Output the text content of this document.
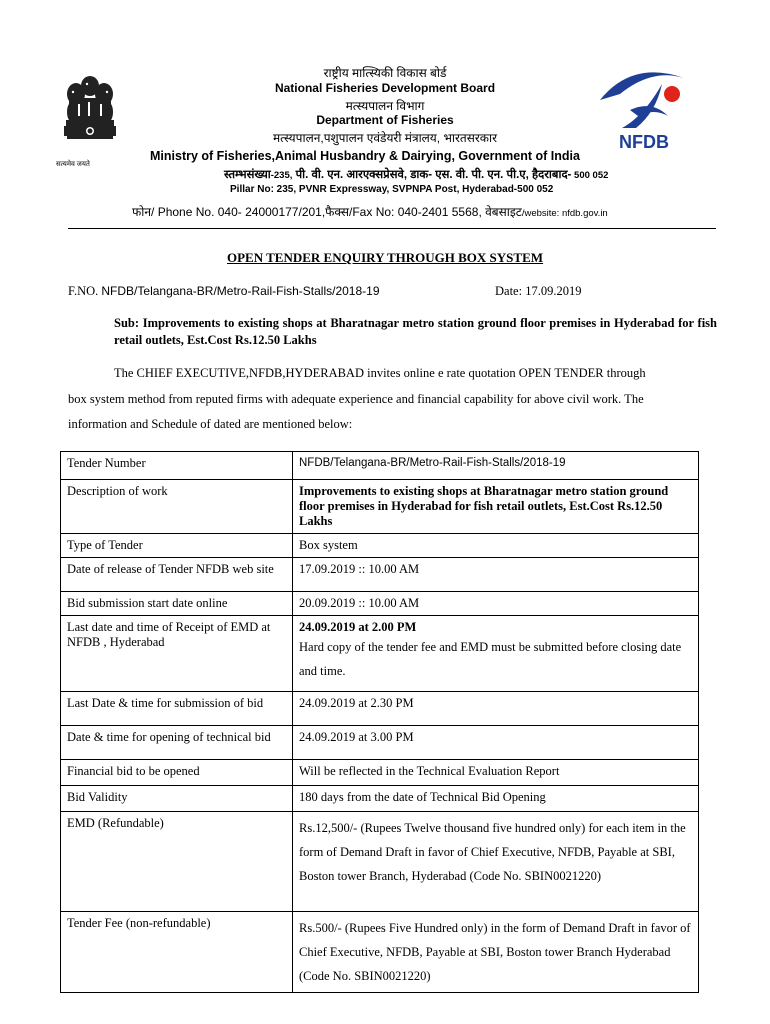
सत्यमेव जयते
NFDB
राष्ट्रीय मात्स्यिकी विकास बोर्ड
National Fisheries Development Board
मत्स्यपालन विभाग
Department of Fisheries
मत्स्यपालन,पशुपालन एवंडेयरी मंत्रालय, भारतसरकार
Ministry of Fisheries,Animal Husbandry & Dairying, Government of India
स्तम्भसंख्या-235, पी. वी. एन. आरएक्सप्रेसवे, डाक- एस. वी. पी. एन. पी.ए, हैदराबाद- 500 052
Pillar No: 235, PVNR Expressway, SVPNPA Post, Hyderabad-500 052
फोन/ Phone No. 040- 24000177/201,फैक्स/Fax No: 040-2401 5568, वेबसाइट/website: nfdb.gov.in
OPEN TENDER ENQUIRY THROUGH BOX SYSTEM
F.NO. NFDB/Telangana-BR/Metro-Rail-Fish-Stalls/2018-19	Date: 17.09.2019
Sub: Improvements to existing shops at Bharatnagar metro station ground floor premises in Hyderabad for fish retail outlets, Est.Cost Rs.12.50 Lakhs
The CHIEF EXECUTIVE,NFDB,HYDERABAD invites online e rate quotation OPEN TENDER through
box system method from reputed firms with adequate experience and financial capability for above civil work. The
information and Schedule of dated are mentioned below:
Tender Number	NFDB/Telangana-BR/Metro-Rail-Fish-Stalls/2018-19
Description of work	Improvements to existing shops at Bharatnagar metro station ground floor premises in Hyderabad for fish retail outlets, Est.Cost Rs.12.50 Lakhs
Type of Tender	Box system
Date of release of Tender NFDB web site	17.09.2019 :: 10.00 AM
Bid submission start date online	20.09.2019 :: 10.00 AM
Last date and time of Receipt of EMD at NFDB , Hyderabad	24.09.2019 at 2.00 PM
Hard copy of the tender fee and EMD must be submitted before closing date and time.

Last Date & time for submission of bid	24.09.2019 at 2.30 PM
Date & time for opening of technical bid	24.09.2019 at 3.00 PM
Financial bid to be opened	Will be reflected in the Technical Evaluation Report
Bid Validity	180 days from the date of Technical Bid Opening
EMD (Refundable)	Rs.12,500/- (Rupees Twelve thousand five hundred only) for each item in the form of Demand Draft in favor of Chief Executive, NFDB, Payable at SBI, Boston tower Branch, Hyderabad (Code No. SBIN0021220)
Tender Fee (non-refundable)	Rs.500/- (Rupees Five Hundred only) in the form of Demand Draft in favor of Chief Executive, NFDB, Payable at SBI, Boston tower Branch Hyderabad (Code No. SBIN0021220)
